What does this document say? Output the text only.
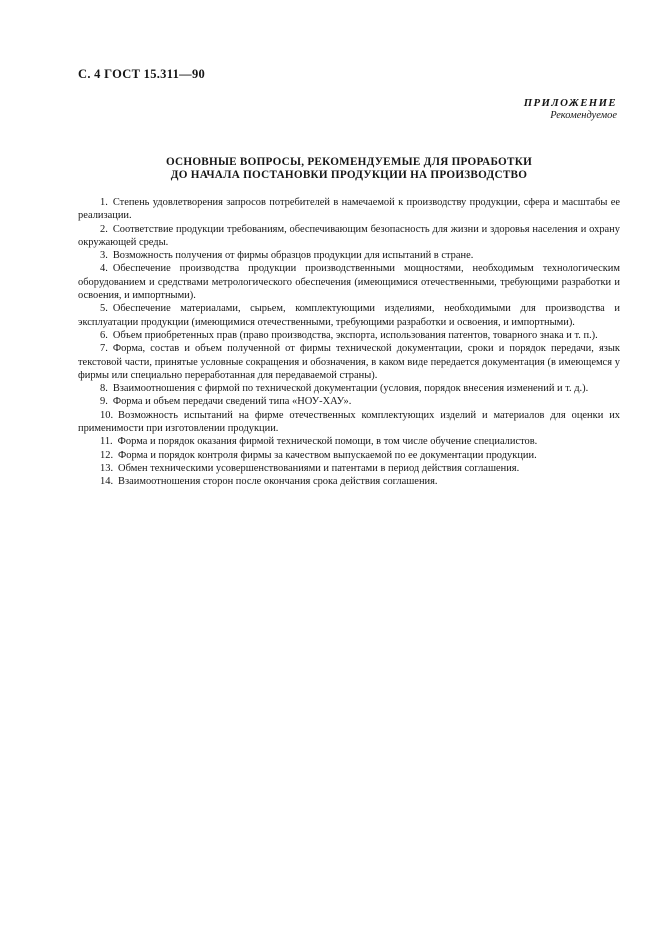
С. 4 ГОСТ 15.311—90
ПРИЛОЖЕНИЕ
Рекомендуемое
ОСНОВНЫЕ ВОПРОСЫ, РЕКОМЕНДУЕМЫЕ ДЛЯ ПРОРАБОТКИ
ДО НАЧАЛА ПОСТАНОВКИ ПРОДУКЦИИ НА ПРОИЗВОДСТВО

1. Степень удовлетворения запросов потребителей в намечаемой к производству продукции, сфера и масштабы ее реализации.

2. Соответствие продукции требованиям, обеспечивающим безопасность для жизни и здоровья населения и охрану окружающей среды.

3. Возможность получения от фирмы образцов продукции для испытаний в стране.

4. Обеспечение производства продукции производственными мощностями, необходимым технологическим оборудованием и средствами метрологического обеспечения (имеющимися отечественными, требующими разработки и освоения, и импортными).

5. Обеспечение материалами, сырьем, комплектующими изделиями, необходимыми для производства и эксплуатации продукции (имеющимися отечественными, требующими разработки и освоения, и импортными).

6. Объем приобретенных прав (право производства, экспорта, использования патентов, товарного знака и т. п.).

7. Форма, состав и объем полученной от фирмы технической документации, сроки и порядок передачи, язык текстовой части, принятые условные сокращения и обозначения, в каком виде передается документация (в имеющемся у фирмы или специально переработанная для передаваемой страны).

8. Взаимоотношения с фирмой по технической документации (условия, порядок внесения изменений и т. д.).

9. Форма и объем передачи сведений типа «НОУ-ХАУ».

10. Возможность испытаний на фирме отечественных комплектующих изделий и материалов для оценки их применимости при изготовлении продукции.

11. Форма и порядок оказания фирмой технической помощи, в том числе обучение специалистов.

12. Форма и порядок контроля фирмы за качеством выпускаемой по ее документации продукции.

13. Обмен техническими усовершенствованиями и патентами в период действия соглашения.

14. Взаимоотношения сторон после окончания срока действия соглашения.
